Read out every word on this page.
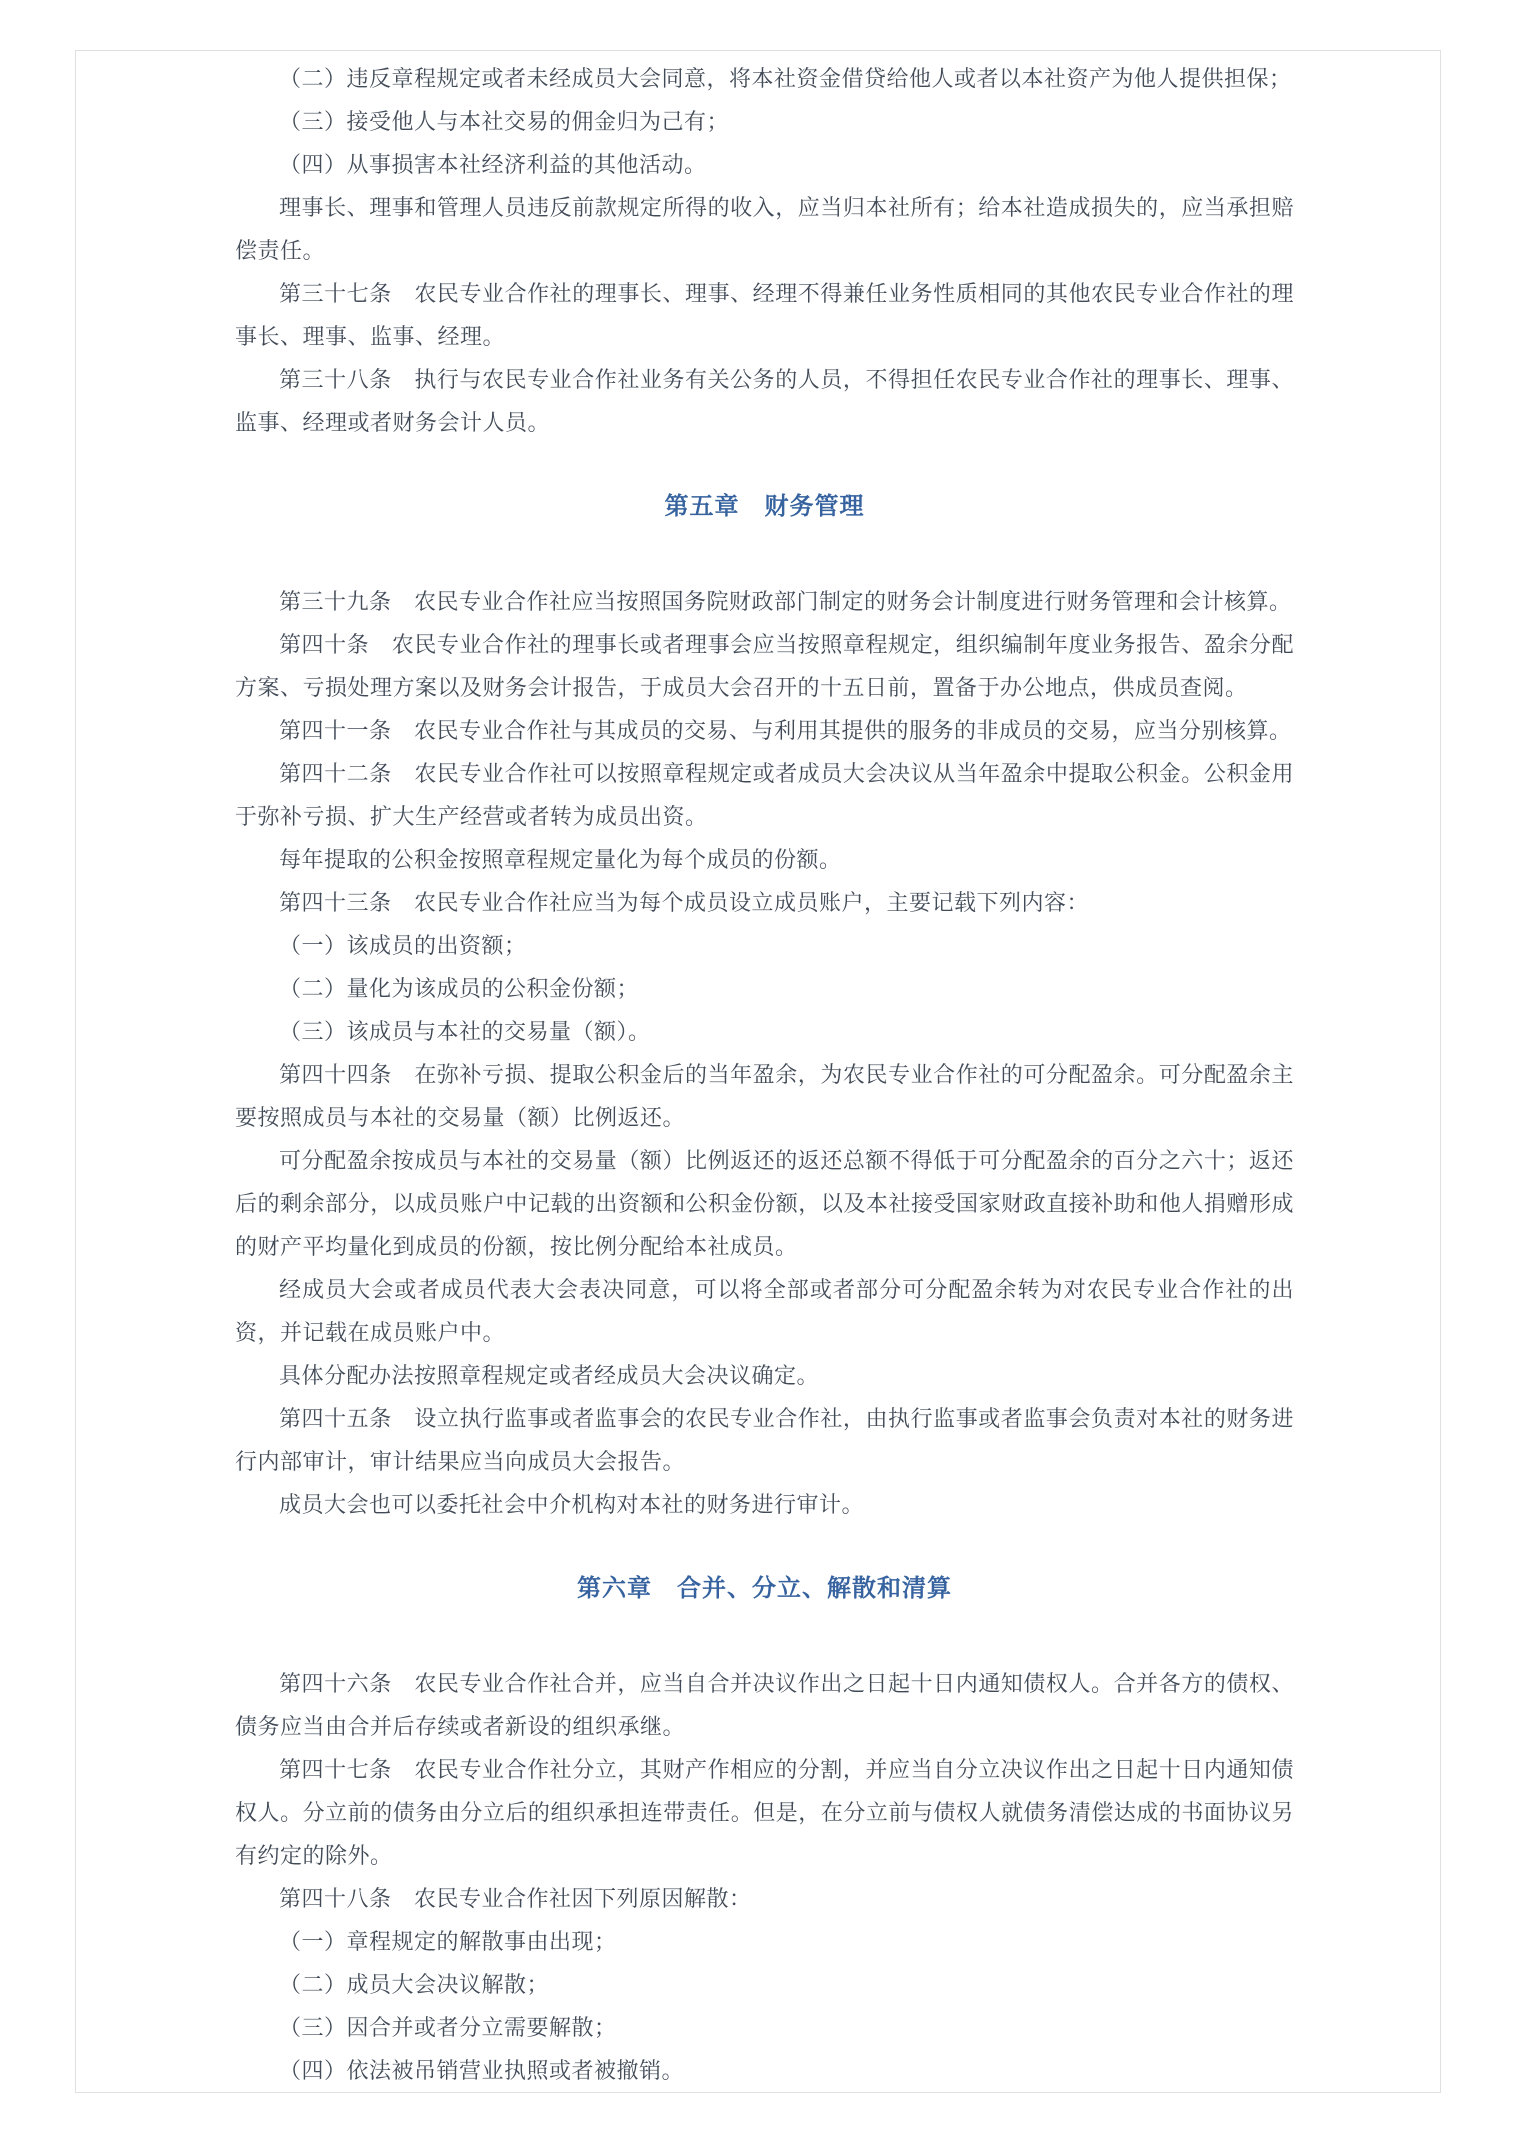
（二）违反章程规定或者未经成员大会同意，将本社资金借贷给他人或者以本社资产为他人提供担保；

（三）接受他人与本社交易的佣金归为己有；

（四）从事损害本社经济利益的其他活动。

理事长、理事和管理人员违反前款规定所得的收入，应当归本社所有；给本社造成损失的，应当承担赔偿责任。

第三十七条　农民专业合作社的理事长、理事、经理不得兼任业务性质相同的其他农民专业合作社的理事长、理事、监事、经理。

第三十八条　执行与农民专业合作社业务有关公务的人员，不得担任农民专业合作社的理事长、理事、监事、经理或者财务会计人员。

第五章　财务管理

第三十九条　农民专业合作社应当按照国务院财政部门制定的财务会计制度进行财务管理和会计核算。

第四十条　农民专业合作社的理事长或者理事会应当按照章程规定，组织编制年度业务报告、盈余分配方案、亏损处理方案以及财务会计报告，于成员大会召开的十五日前，置备于办公地点，供成员查阅。

第四十一条　农民专业合作社与其成员的交易、与利用其提供的服务的非成员的交易，应当分别核算。

第四十二条　农民专业合作社可以按照章程规定或者成员大会决议从当年盈余中提取公积金。公积金用于弥补亏损、扩大生产经营或者转为成员出资。

每年提取的公积金按照章程规定量化为每个成员的份额。

第四十三条　农民专业合作社应当为每个成员设立成员账户，主要记载下列内容：

（一）该成员的出资额；

（二）量化为该成员的公积金份额；

（三）该成员与本社的交易量（额）。

第四十四条　在弥补亏损、提取公积金后的当年盈余，为农民专业合作社的可分配盈余。可分配盈余主要按照成员与本社的交易量（额）比例返还。

可分配盈余按成员与本社的交易量（额）比例返还的返还总额不得低于可分配盈余的百分之六十；返还后的剩余部分，以成员账户中记载的出资额和公积金份额，以及本社接受国家财政直接补助和他人捐赠形成的财产平均量化到成员的份额，按比例分配给本社成员。

经成员大会或者成员代表大会表决同意，可以将全部或者部分可分配盈余转为对农民专业合作社的出资，并记载在成员账户中。

具体分配办法按照章程规定或者经成员大会决议确定。

第四十五条　设立执行监事或者监事会的农民专业合作社，由执行监事或者监事会负责对本社的财务进行内部审计，审计结果应当向成员大会报告。

成员大会也可以委托社会中介机构对本社的财务进行审计。

第六章　合并、分立、解散和清算

第四十六条　农民专业合作社合并，应当自合并决议作出之日起十日内通知债权人。合并各方的债权、债务应当由合并后存续或者新设的组织承继。

第四十七条　农民专业合作社分立，其财产作相应的分割，并应当自分立决议作出之日起十日内通知债权人。分立前的债务由分立后的组织承担连带责任。但是，在分立前与债权人就债务清偿达成的书面协议另有约定的除外。

第四十八条　农民专业合作社因下列原因解散：

（一）章程规定的解散事由出现；

（二）成员大会决议解散；

（三）因合并或者分立需要解散；

（四）依法被吊销营业执照或者被撤销。
